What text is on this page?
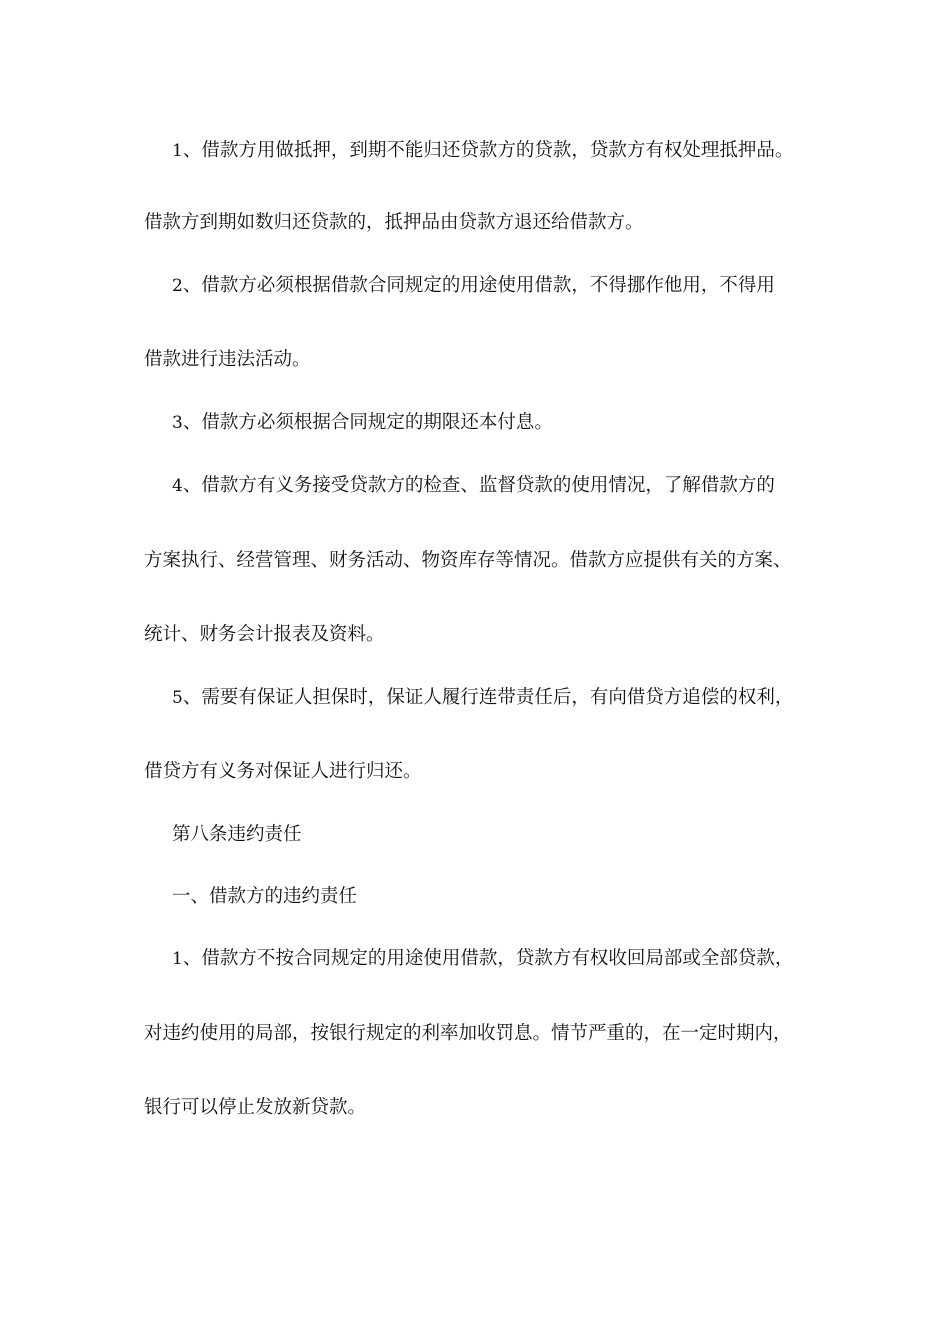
1、借款方用做抵押，到期不能归还贷款方的贷款，贷款方有权处理抵押品。
借款方到期如数归还贷款的，抵押品由贷款方退还给借款方。
2、借款方必须根据借款合同规定的用途使用借款，不得挪作他用，不得用
借款进行违法活动。
3、借款方必须根据合同规定的期限还本付息。
4、借款方有义务接受贷款方的检查、监督贷款的使用情况，了解借款方的
方案执行、经营管理、财务活动、物资库存等情况。借款方应提供有关的方案、
统计、财务会计报表及资料。
5、需要有保证人担保时，保证人履行连带责任后，有向借贷方追偿的权利，
借贷方有义务对保证人进行归还。
第八条违约责任
一、借款方的违约责任
1、借款方不按合同规定的用途使用借款，贷款方有权收回局部或全部贷款，
对违约使用的局部，按银行规定的利率加收罚息。情节严重的，在一定时期内，
银行可以停止发放新贷款。
